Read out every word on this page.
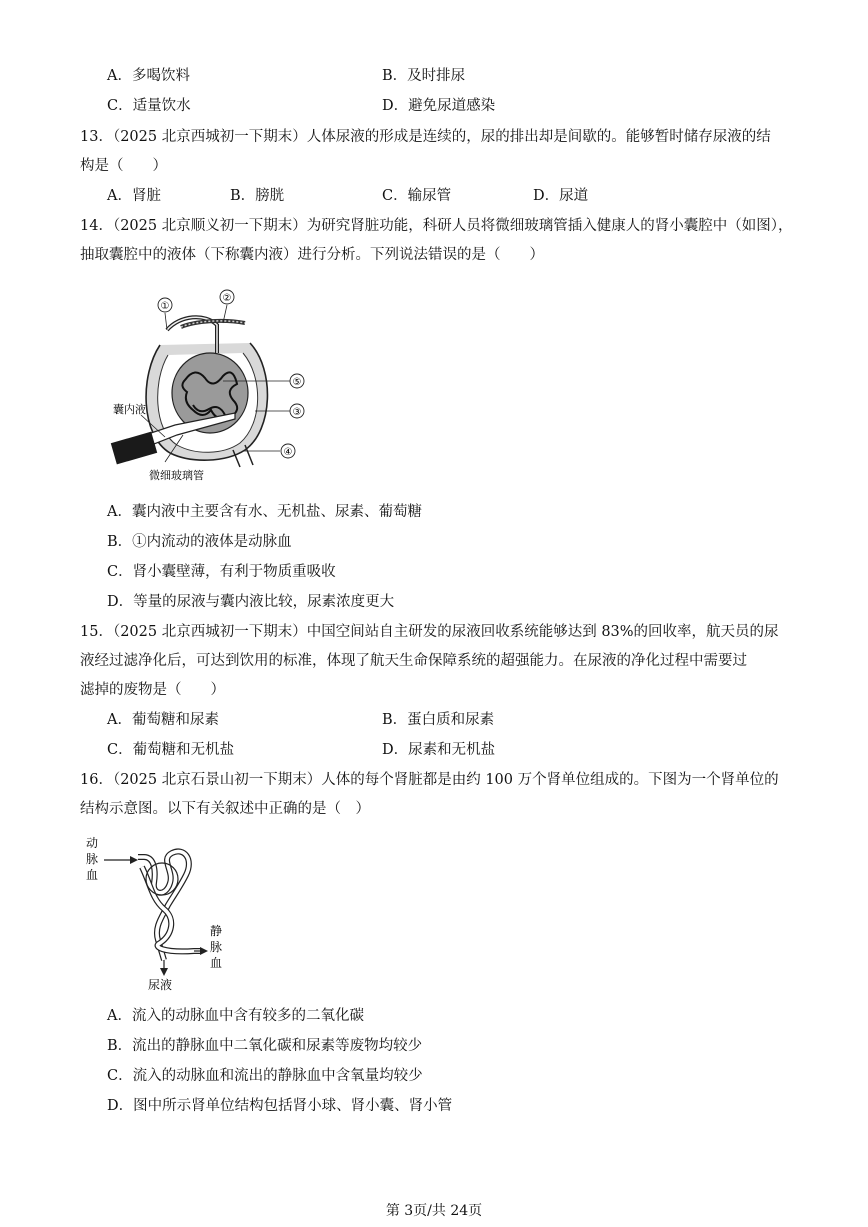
A．多喝饮料	B．及时排尿
C．适量饮水	D．避免尿道感染
13．（2025 北京西城初一下期末）人体尿液的形成是连续的，尿的排出却是间歇的。能够暂时储存尿液的结
构是（　　）
A．肾脏	B．膀胱	C．输尿管	D．尿道
14．（2025 北京顺义初一下期末）为研究肾脏功能，科研人员将微细玻璃管插入健康人的肾小囊腔中（如图），
抽取囊腔中的液体（下称囊内液）进行分析。下列说法错误的是（　　）
①
②
⑤
③
④
囊内液
微细玻璃管
A．囊内液中主要含有水、无机盐、尿素、葡萄糖
B．①内流动的液体是动脉血
C．肾小囊壁薄，有利于物质重吸收
D．等量的尿液与囊内液比较，尿素浓度更大
15．（2025 北京西城初一下期末）中国空间站自主研发的尿液回收系统能够达到 83%的回收率，航天员的尿
液经过滤净化后，可达到饮用的标准，体现了航天生命保障系统的超强能力。在尿液的净化过程中需要过
滤掉的废物是（　　）
A．葡萄糖和尿素	B．蛋白质和尿素
C．葡萄糖和无机盐	D．尿素和无机盐
16．（2025 北京石景山初一下期末）人体的每个肾脏都是由约 100 万个肾单位组成的。下图为一个肾单位的
结构示意图。以下有关叙述中正确的是（　）
动
脉
血
静
脉
血
尿液
A．流入的动脉血中含有较多的二氧化碳
B．流出的静脉血中二氧化碳和尿素等废物均较少
C．流入的动脉血和流出的静脉血中含氧量均较少
D．图中所示肾单位结构包括肾小球、肾小囊、肾小管
第 3页/共 24页
